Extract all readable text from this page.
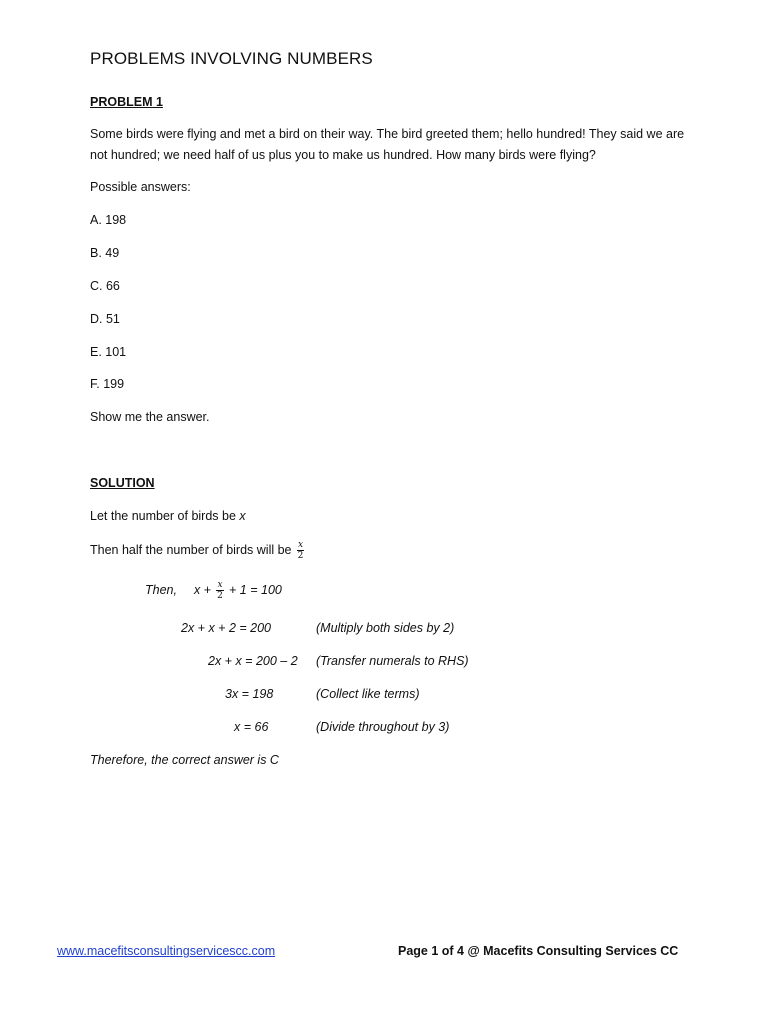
PROBLEMS INVOLVING NUMBERS
PROBLEM 1
Some birds were flying and met a bird on their way. The bird greeted them; hello hundred! They said we are not hundred; we need half of us plus you to make us hundred. How many birds were flying?
Possible answers:
A. 198
B. 49
C. 66
D. 51
E. 101
F. 199
Show me the answer.
SOLUTION
Let the number of birds be x
Then half the number of birds will be $\frac{x}{2}$
Then, $x + \frac{x}{2} + 1 = 100$
2x + x + 2 = 200	(Multiply both sides by 2)
2x + x = 200 – 2 (Transfer numerals to RHS)
3x = 198	(Collect like terms)
x = 66	(Divide throughout by 3)
Therefore, the correct answer is C
www.macefitsconsultingservicescc.com	Page 1 of 4 @ Macefits Consulting Services CC
